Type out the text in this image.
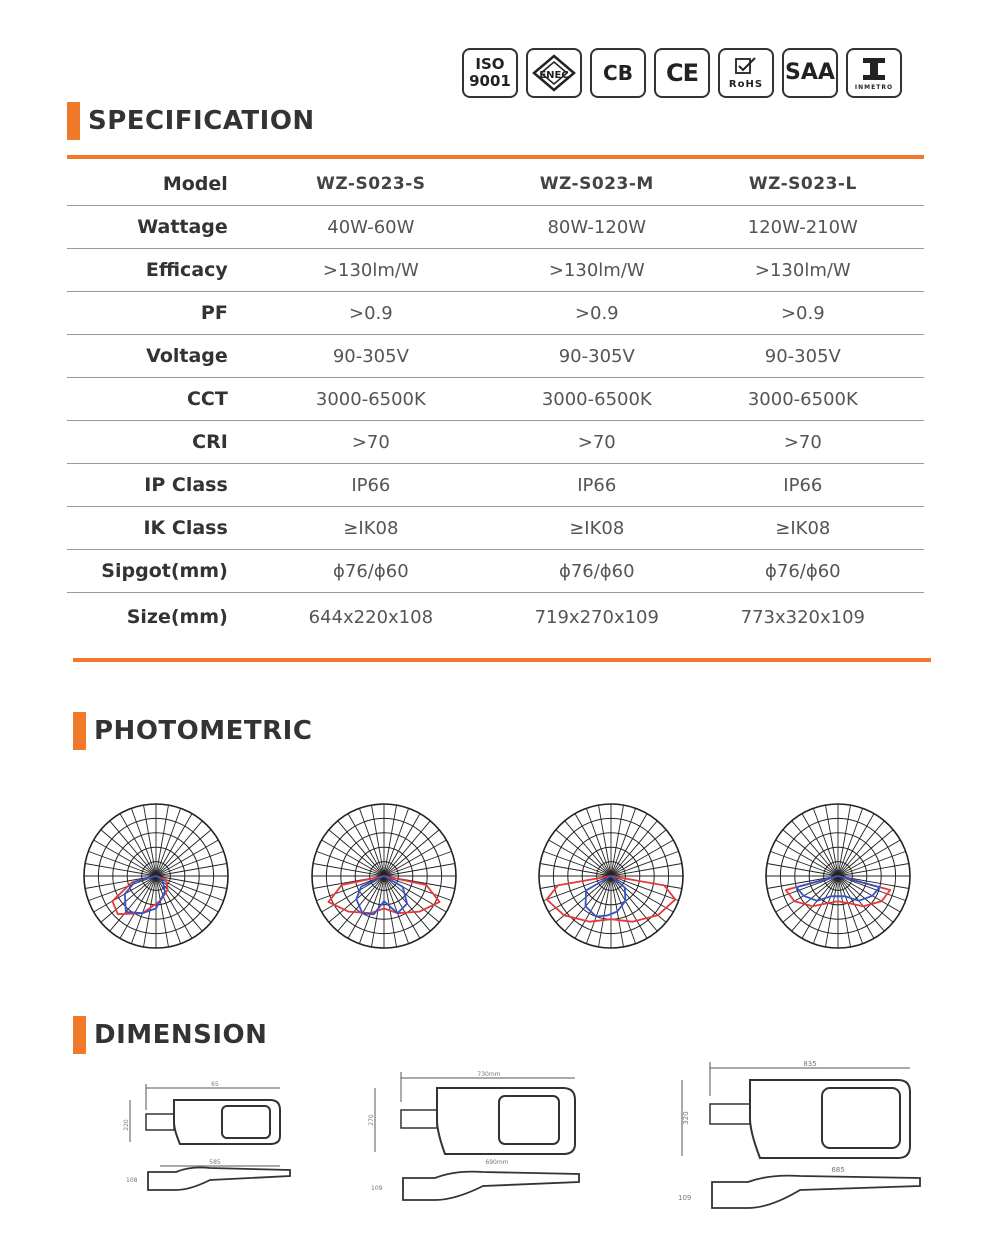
ISO
9001	ENEC CB CE	RoHS SAA
INMETRO
SPECIFICATION
Model	WZ-S023-S	WZ-S023-M	WZ-S023-L
Wattage	40W-60W	80W-120W	120W-210W
Efficacy	>130lm/W	>130lm/W	>130lm/W
PF	>0.9	>0.9	>0.9
Voltage	90-305V	90-305V	90-305V
CCT	3000-6500K	3000-6500K	3000-6500K
CRI	>70	>70	>70
IP Class	IP66	IP66	IP66
IK Class	≥IK08	≥IK08	≥IK08
Sipgot(mm)	ϕ76/ϕ60	ϕ76/ϕ60	ϕ76/ϕ60
Size(mm)	644x220x108	719x270x109	773x320x109
PHOTOMETRIC
DIMENSION
65
220
585
108
730mm
270
690mm
109
835
320
685
109
